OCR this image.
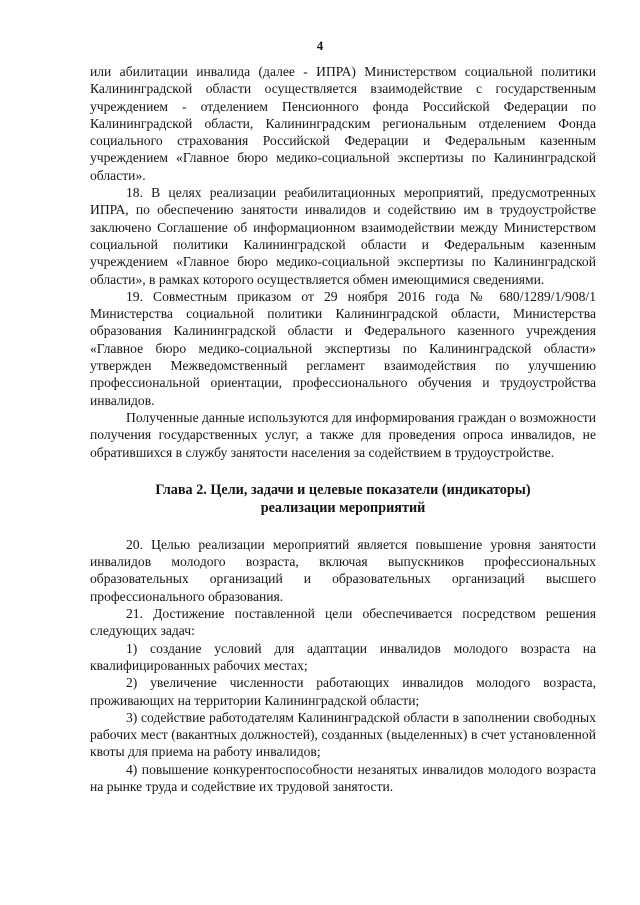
4

или абилитации инвалида (далее - ИПРА) Министерством социальной политики Калининградской области осуществляется взаимодействие с государственным учреждением - отделением Пенсионного фонда Российской Федерации по Калининградской области, Калининградским региональным отделением Фонда социального страхования Российской Федерации и Федеральным казенным учреждением «Главное бюро медико-социальной экспертизы по Калининградской области».

18. В целях реализации реабилитационных мероприятий, предусмотренных ИПРА, по обеспечению занятости инвалидов и содействию им в трудоустройстве заключено Соглашение об информационном взаимодействии между Министерством социальной политики Калининградской области и Федеральным казенным учреждением «Главное бюро медико-социальной экспертизы по Калининградской области», в рамках которого осуществляется обмен имеющимися сведениями.

19. Совместным приказом от 29 ноября 2016 года № 680/1289/1/908/1 Министерства социальной политики Калининградской области, Министерства образования Калининградской области и Федерального казенного учреждения «Главное бюро медико-социальной экспертизы по Калининградской области» утвержден Межведомственный регламент взаимодействия по улучшению профессиональной ориентации, профессионального обучения и трудоустройства инвалидов.

Полученные данные используются для информирования граждан о возможности получения государственных услуг, а также для проведения опроса инвалидов, не обратившихся в службу занятости населения за содействием в трудоустройстве.

Глава 2. Цели, задачи и целевые показатели (индикаторы)
реализации мероприятий

20. Целью реализации мероприятий является повышение уровня занятости инвалидов молодого возраста, включая выпускников профессиональных образовательных организаций и образовательных организаций высшего профессионального образования.

21. Достижение поставленной цели обеспечивается посредством решения следующих задач:

1) создание условий для адаптации инвалидов молодого возраста на квалифицированных рабочих местах;

2) увеличение численности работающих инвалидов молодого возраста, проживающих на территории Калининградской области;

3) содействие работодателям Калининградской области в заполнении свободных рабочих мест (вакантных должностей), созданных (выделенных) в счет установленной квоты для приема на работу инвалидов;

4) повышение конкурентоспособности незанятых инвалидов молодого возраста на рынке труда и содействие их трудовой занятости.
